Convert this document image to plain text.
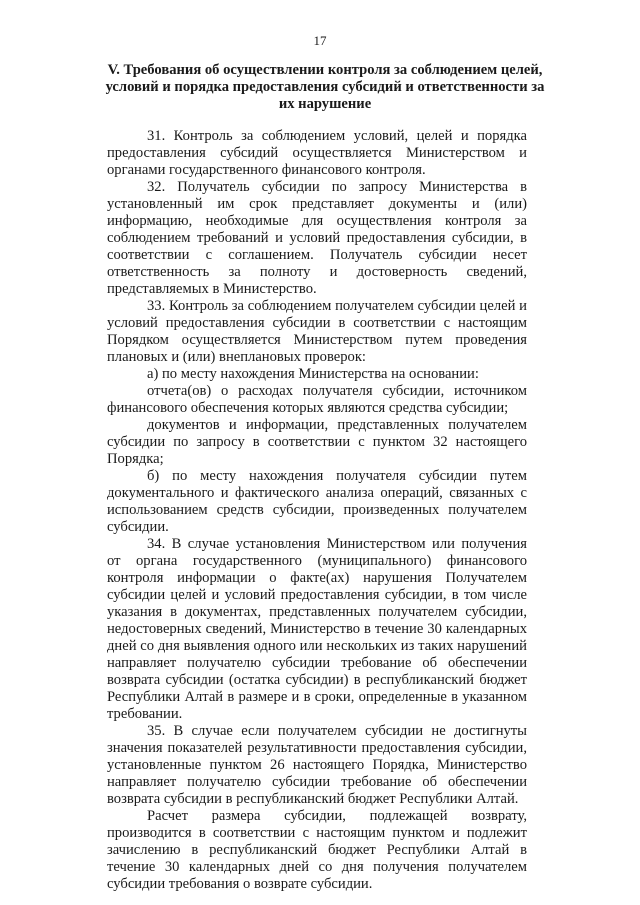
17
V. Требования об осуществлении контроля за соблюдением целей, условий и порядка предоставления субсидий и ответственности за их нарушение

31. Контроль за соблюдением условий, целей и порядка предоставления субсидий осуществляется Министерством и органами государственного финансового контроля.

32. Получатель субсидии по запросу Министерства в установленный им срок представляет документы и (или) информацию, необходимые для осуществления контроля за соблюдением требований и условий предоставления субсидии, в соответствии с соглашением. Получатель субсидии несет ответственность за полноту и достоверность сведений, представляемых в Министерство.

33. Контроль за соблюдением получателем субсидии целей и условий предоставления субсидии в соответствии с настоящим Порядком осуществляется Министерством путем проведения плановых и (или) внеплановых проверок:

а) по месту нахождения Министерства на основании:

отчета(ов) о расходах получателя субсидии, источником финансового обеспечения которых являются средства субсидии;

документов и информации, представленных получателем субсидии по запросу в соответствии с пунктом 32 настоящего Порядка;

б) по месту нахождения получателя субсидии путем документального и фактического анализа операций, связанных с использованием средств субсидии, произведенных получателем субсидии.

34. В случае установления Министерством или получения от органа государственного (муниципального) финансового контроля информации о факте(ах) нарушения Получателем субсидии целей и условий предоставления субсидии, в том числе указания в документах, представленных получателем субсидии, недостоверных сведений, Министерство в течение 30 календарных дней со дня выявления одного или нескольких из таких нарушений направляет получателю субсидии требование об обеспечении возврата субсидии (остатка субсидии) в республиканский бюджет Республики Алтай в размере и в сроки, определенные в указанном требовании.

35. В случае если получателем субсидии не достигнуты значения показателей результативности предоставления субсидии, установленные пунктом 26 настоящего Порядка, Министерство направляет получателю субсидии требование об обеспечении возврата субсидии в республиканский бюджет Республики Алтай.

Расчет размера субсидии, подлежащей возврату, производится в соответствии с настоящим пунктом и подлежит зачислению в республиканский бюджет Республики Алтай в течение 30 календарных дней со дня получения получателем субсидии требования о возврате субсидии.
